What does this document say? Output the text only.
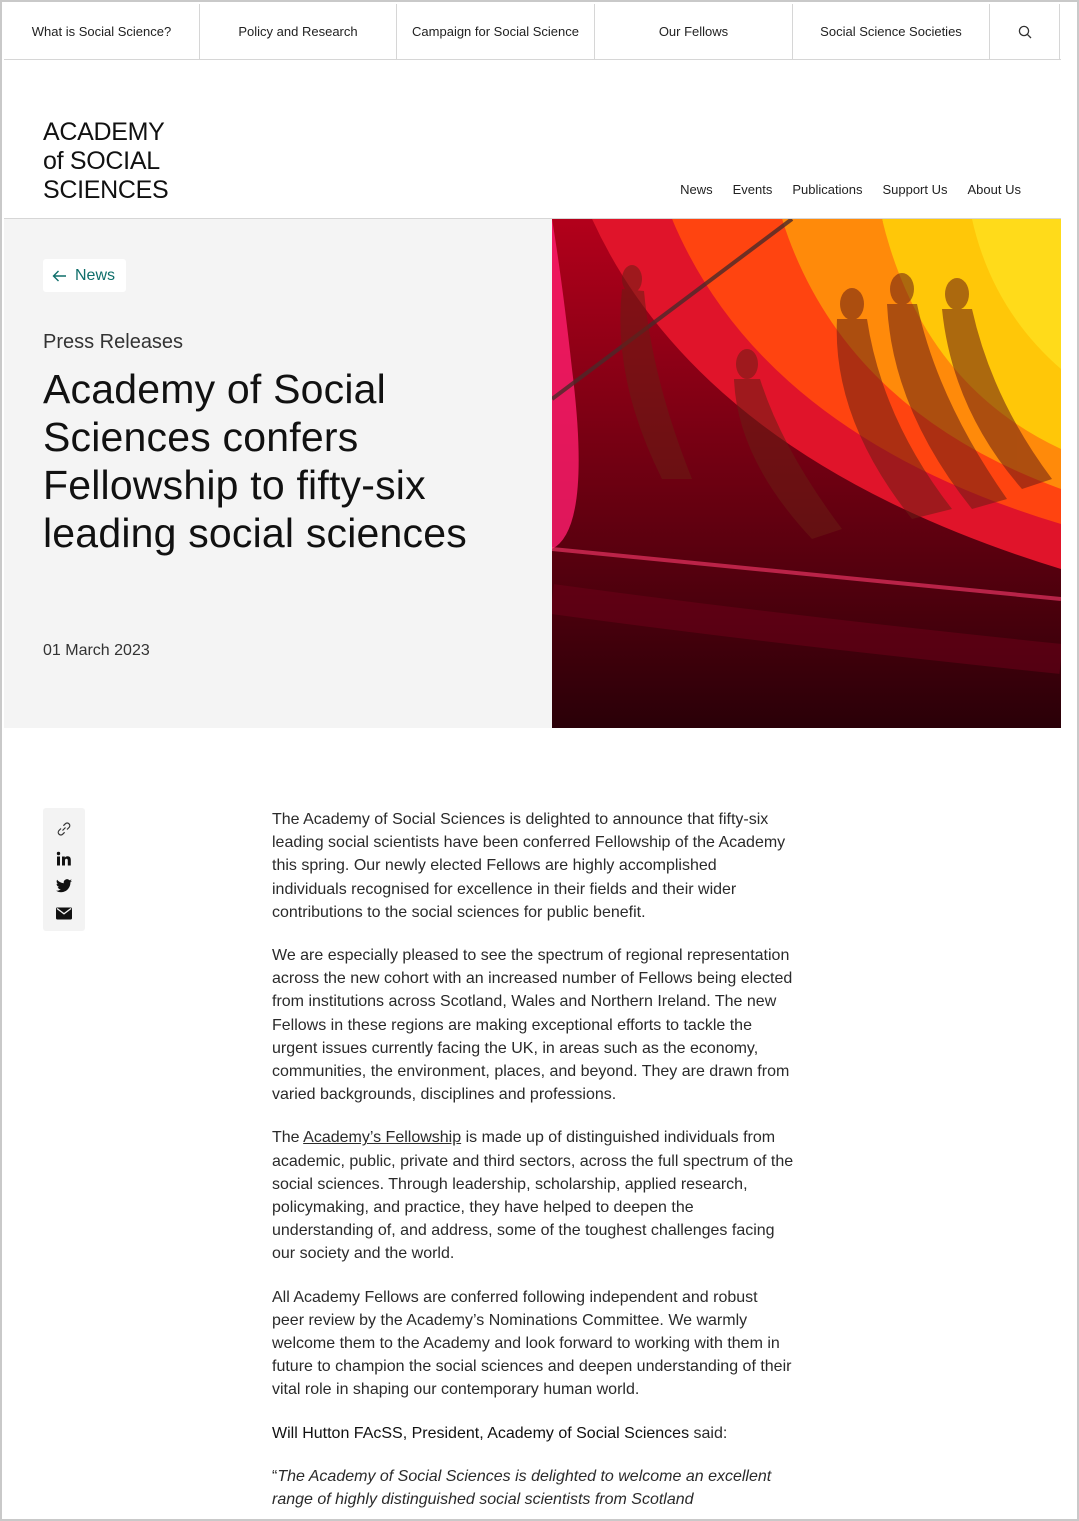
What is Social Science?	Policy and Research	Campaign for Social Science	Our Fellows	Social Science Societies
ACADEMY
of SOCIAL
SCIENCES	News Events Publications Support Us About Us
News
Press Releases
Academy of Social Sciences confers Fellowship to fifty-six leading social sciences
01 March 2023

The Academy of Social Sciences is delighted to announce that fifty-six leading social scientists have been conferred Fellowship of the Academy this spring. Our newly elected Fellows are highly accomplished individuals recognised for excellence in their fields and their wider contributions to the social sciences for public benefit.

We are especially pleased to see the spectrum of regional representation across the new cohort with an increased number of Fellows being elected from institutions across Scotland, Wales and Northern Ireland. The new Fellows in these regions are making exceptional efforts to tackle the urgent issues currently facing the UK, in areas such as the economy, communities, the environment, places, and beyond. They are drawn from varied backgrounds, disciplines and professions.

The Academy’s Fellowship is made up of distinguished individuals from academic, public, private and third sectors, across the full spectrum of the social sciences. Through leadership, scholarship, applied research, policymaking, and practice, they have helped to deepen the understanding of, and address, some of the toughest challenges facing our society and the world.

All Academy Fellows are conferred following independent and robust peer review by the Academy’s Nominations Committee. We warmly welcome them to the Academy and look forward to working with them in future to champion the social sciences and deepen understanding of their vital role in shaping our contemporary human world.

Will Hutton FAcSS, President, Academy of Social Sciences said:

“The Academy of Social Sciences is delighted to welcome an excellent range of highly distinguished social scientists from Scotland
